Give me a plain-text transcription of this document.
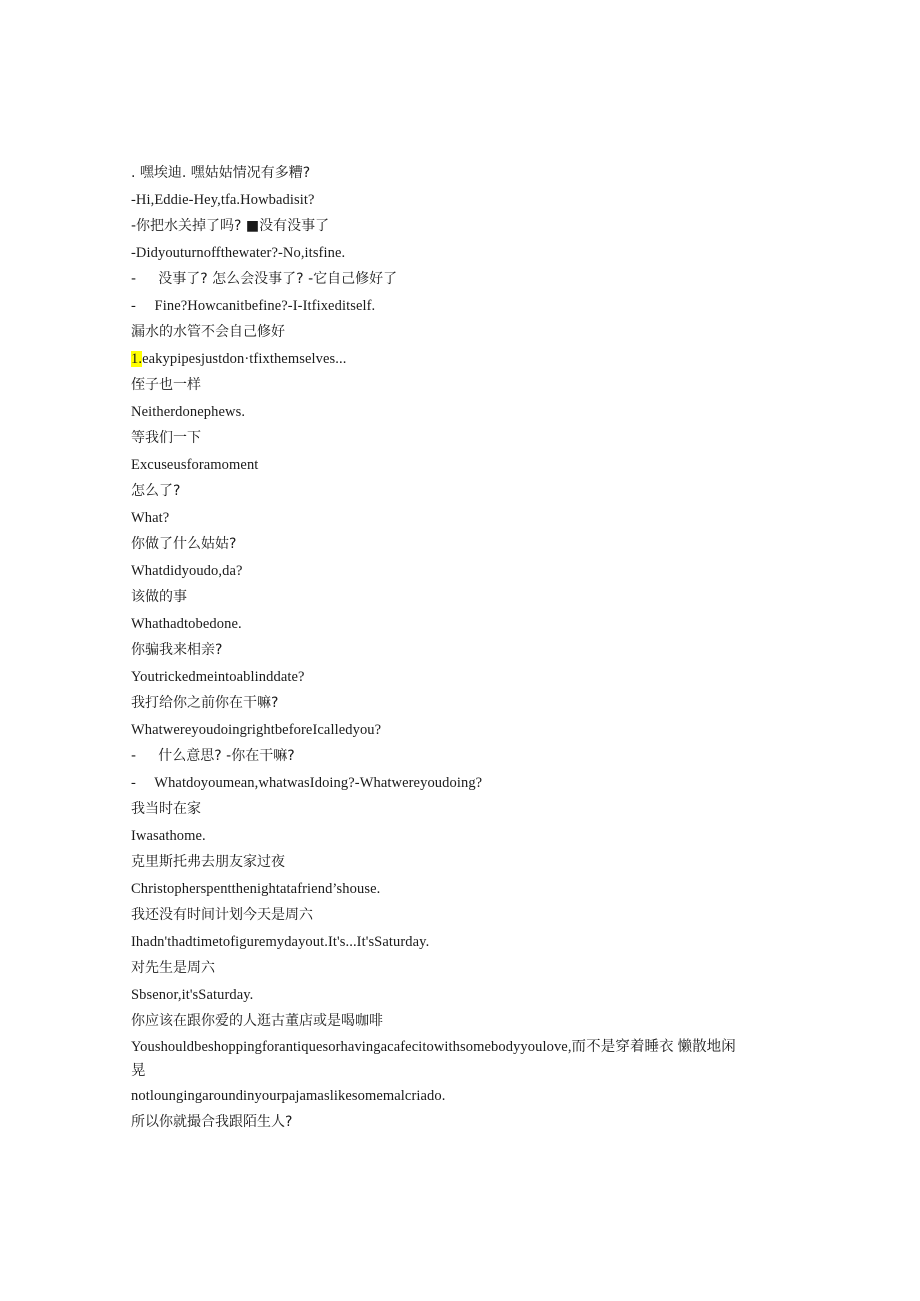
. 嘿埃迪. 嘿姑姑情况有多糟?
-Hi,Eddie-Hey,tfa.Howbadisit?
-你把水关掉了吗? ■没有没事了
-Didyouturnoffthewater?-No,itsfine.
-     没事了? 怎么会没事了? -它自己修好了
-     Fine?Howcanitbefine?-I-Itfixeditself.
漏水的水管不会自己修好
1.eakypipesjustdon·tfixthemselves...
侄子也一样
Neitherdonephews.
等我们一下
Excuseusforamoment
怎么了?
What?
你做了什么姑姑?
Whatdidyoudo,da?
该做的事
Whathadtobedone.
你骗我来相亲?
Youtrickedmeintoablinddate?
我打给你之前你在干嘛?
WhatwereyoudoingrightbeforeIcalledyou?
-     什么意思? -你在干嘛?
-     Whatdoyoumean,whatwasIdoing?-Whatwereyoudoing?
我当时在家
Iwasathome.
克里斯托弗去朋友家过夜
Christopherspentthenightatafriend’shouse.
我还没有时间计划今天是周六
Ihadn'thadtimetofiguremydayout.It's...It'sSaturday.
对先生是周六
Sbsenor,it'sSaturday.
你应该在跟你爱的人逛古董店或是喝咖啡
Youshouldbeshoppingforantiquesorhavingacafecitowithsomebodyyoulove,而不是穿着睡衣 懒散地闲晃
notloungingaroundinyourpajamaslikesomemalcriado.
所以你就撮合我跟陌生人?
